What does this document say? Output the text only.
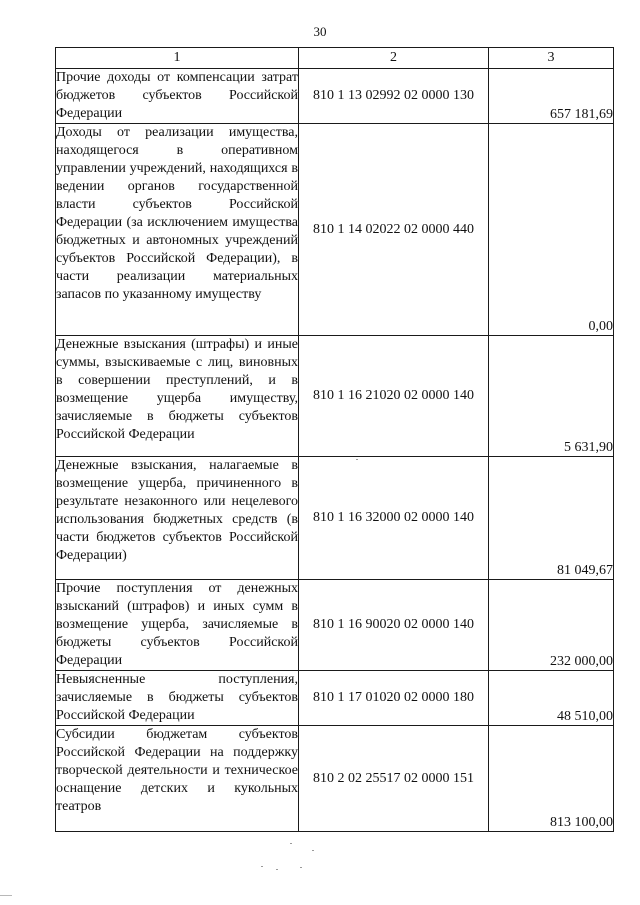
30
1	2	3
Прочие доходы от компенсации затрат бюджетов субъектов Российской Федерации	810 1 13 02992 02 0000 130	657 181,69
Доходы от реализации имущества, находящегося в оперативном управлении учреждений, находящихся в ведении органов государственной власти субъектов Российской Федерации (за исключением имущества бюджетных и автономных учреждений субъектов Российской Федерации), в части реализации материальных запасов по указанному имуществу	810 1 14 02022 02 0000 440	0,00
Денежные взыскания (штрафы) и иные суммы, взыскиваемые с лиц, виновных в совершении преступлений, и в возмещение ущерба имуществу, зачисляемые в бюджеты субъектов Российской Федерации	810 1 16 21020 02 0000 140	5 631,90
Денежные взыскания, налагаемые в возмещение ущерба, причиненного в результате незаконного или нецелевого использования бюджетных средств (в части бюджетов субъектов Российской Федерации)	810 1 16 32000 02 0000 140	81 049,67
Прочие поступления от денежных взысканий (штрафов) и иных сумм в возмещение ущерба, зачисляемые в бюджеты субъектов Российской Федерации	810 1 16 90020 02 0000 140	232 000,00
Невыясненные поступления, зачисляемые в бюджеты субъектов Российской Федерации	810 1 17 01020 02 0000 180	48 510,00
Субсидии бюджетам субъектов Российской Федерации на поддержку творческой деятельности и техническое оснащение детских и кукольных театров	810 2 02 25517 02 0000 151	813 100,00
